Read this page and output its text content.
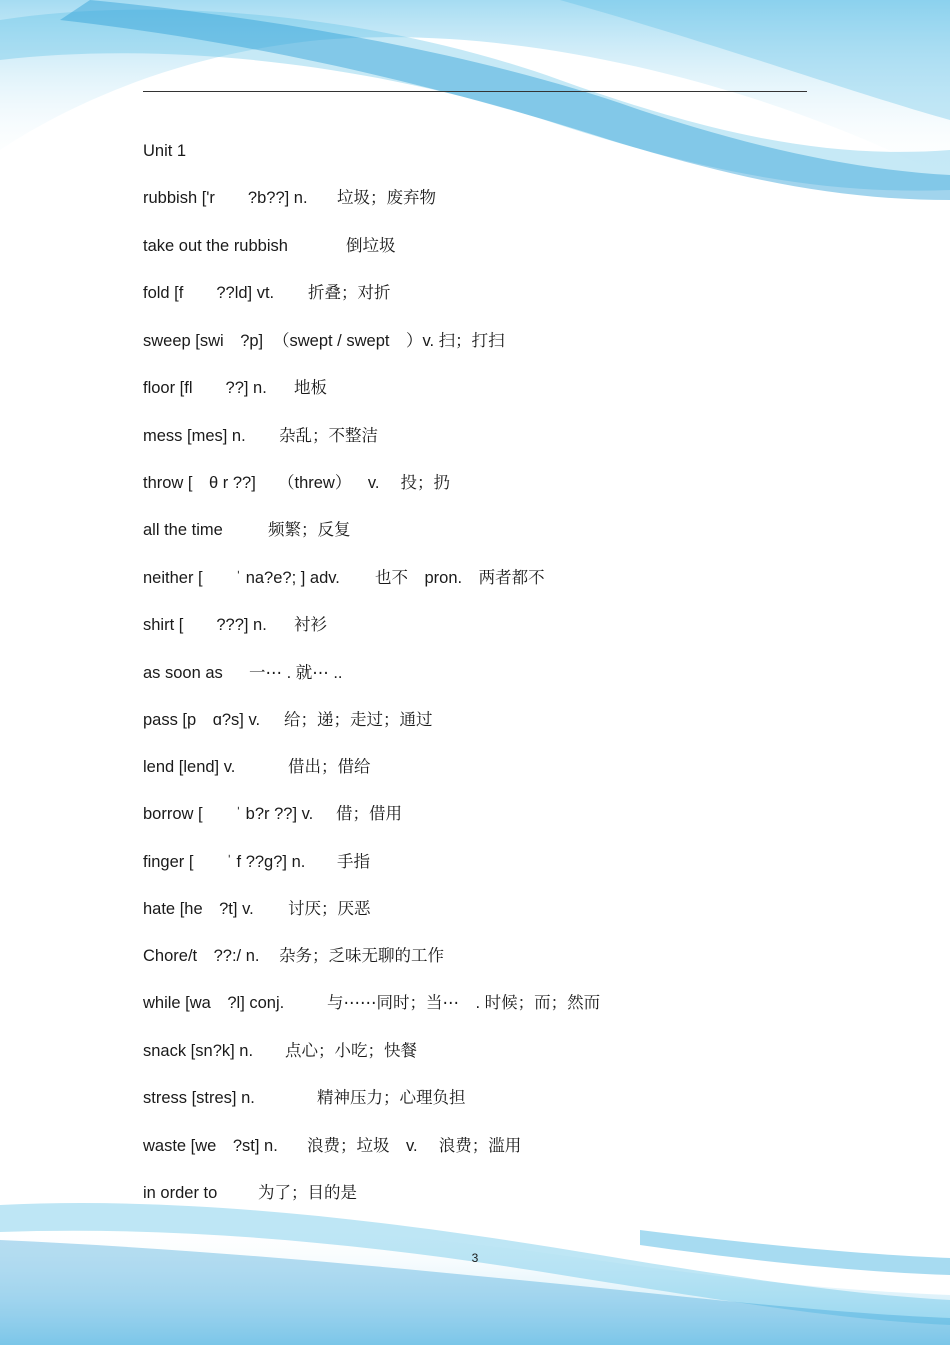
Unit 1
rubbish ['r  ?b??] n. 垃圾；废弃物
take out the rubbish	倒垃圾
fold [f  ??ld] vt. 折叠；对折
sweep [swi ?p] （swept / swept ）v. 扫；打扫
floor [fl  ??] n. 地板
mess [mes] n. 杂乱；不整洁
throw [ θ r ??] （threw） v.  投；扔
all the time	频繁；反复
neither [  ˈ na?e?; ] adv. 也不 pron. 两者都不
shirt [  ???] n. 衬衫
as soon as 一⋯ . 就⋯ ..
pass [p ɑ?s] v. 给；递；走过；通过
lend [lend] v.	借出；借给
borrow [  ˈ b?r ??] v. 借；借用
finger [  ˈ f ??g?] n. 手指
hate [he ?t] v. 讨厌；厌恶
Chore/t ??:/ n. 杂务；乏味无聊的工作
while [wa ?l] conj.	与⋯⋯同时；当⋯ . 时候；而；然而
snack [sn?k] n. 点心；小吃；快餐
stress [stres] n.	精神压力；心理负担
waste [we ?st] n. 浪费；垃圾 v.  浪费；滥用
in order to 为了；目的是
3
